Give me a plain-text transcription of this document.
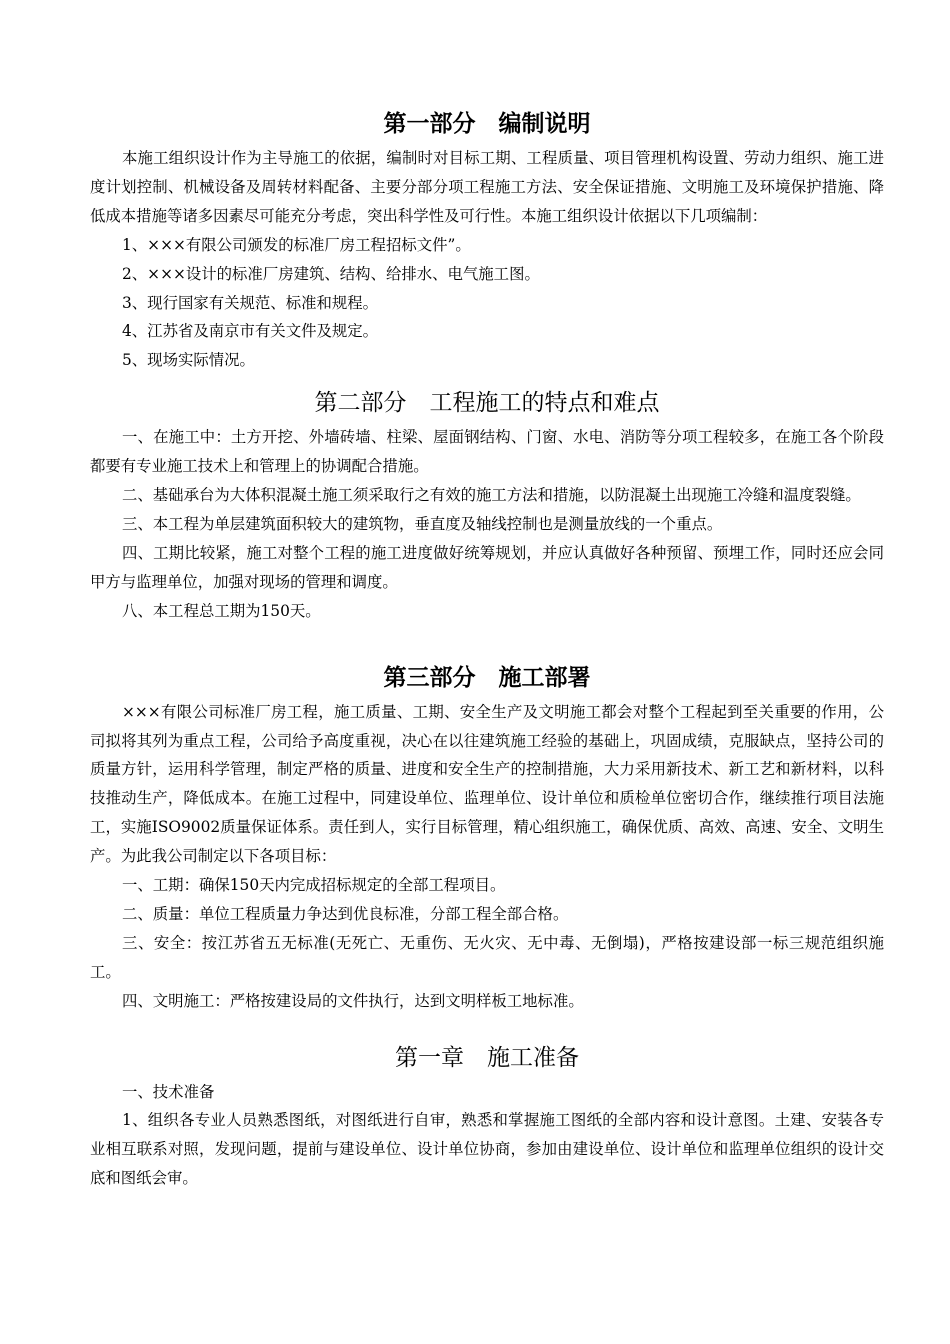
第一部分　编制说明

本施工组织设计作为主导施工的依据，编制时对目标工期、工程质量、项目管理机构设置、劳动力组织、施工进度计划控制、机械设备及周转材料配备、主要分部分项工程施工方法、安全保证措施、文明施工及环境保护措施、降低成本措施等诸多因素尽可能充分考虑，突出科学性及可行性。本施工组织设计依据以下几项编制：

1、×××有限公司颁发的标准厂房工程招标文件”。

2、×××设计的标准厂房建筑、结构、给排水、电气施工图。

3、现行国家有关规范、标准和规程。

4、江苏省及南京市有关文件及规定。

5、现场实际情况。

第二部分　工程施工的特点和难点

一、在施工中：土方开挖、外墙砖墙、柱梁、屋面钢结构、门窗、水电、消防等分项工程较多，在施工各个阶段都要有专业施工技术上和管理上的协调配合措施。

二、基础承台为大体积混凝土施工须采取行之有效的施工方法和措施，以防混凝土出现施工冷缝和温度裂缝。

三、本工程为单层建筑面积较大的建筑物，垂直度及轴线控制也是测量放线的一个重点。

四、工期比较紧，施工对整个工程的施工进度做好统筹规划，并应认真做好各种预留、预埋工作，同时还应会同甲方与监理单位，加强对现场的管理和调度。

八、本工程总工期为150天。

第三部分　施工部署

×××有限公司标准厂房工程，施工质量、工期、安全生产及文明施工都会对整个工程起到至关重要的作用，公司拟将其列为重点工程，公司给予高度重视，决心在以往建筑施工经验的基础上，巩固成绩，克服缺点，坚持公司的质量方针，运用科学管理，制定严格的质量、进度和安全生产的控制措施，大力采用新技术、新工艺和新材料，以科技推动生产，降低成本。在施工过程中，同建设单位、监理单位、设计单位和质检单位密切合作，继续推行项目法施工，实施ISO9002质量保证体系。责任到人，实行目标管理，精心组织施工，确保优质、高效、高速、安全、文明生产。为此我公司制定以下各项目标：

一、工期：确保150天内完成招标规定的全部工程项目。

二、质量：单位工程质量力争达到优良标准，分部工程全部合格。

三、安全：按江苏省五无标准(无死亡、无重伤、无火灾、无中毒、无倒塌)，严格按建设部一标三规范组织施工。

四、文明施工：严格按建设局的文件执行，达到文明样板工地标准。

第一章　施工准备

一、技术准备

1、组织各专业人员熟悉图纸，对图纸进行自审，熟悉和掌握施工图纸的全部内容和设计意图。土建、安装各专业相互联系对照，发现问题，提前与建设单位、设计单位协商，参加由建设单位、设计单位和监理单位组织的设计交底和图纸会审。
